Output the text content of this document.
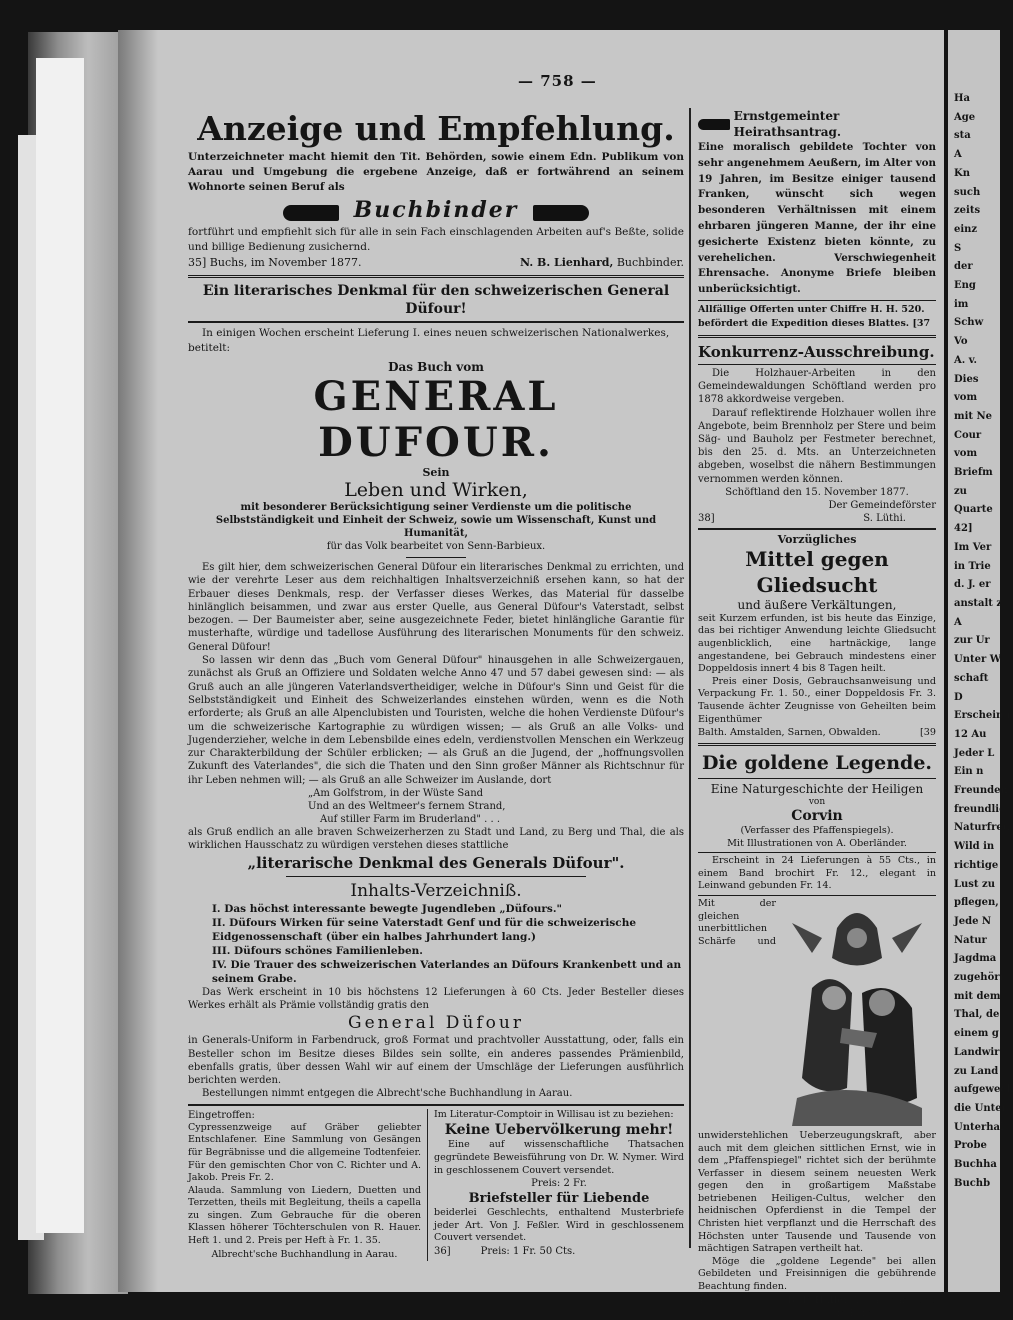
— 758 —
Anzeige und Empfehlung.

Unterzeichneter macht hiemit den Tit. Behörden, sowie einem Edn. Publikum von Aarau und Umgebung die ergebene Anzeige, daß er fortwährend an seinem Wohnorte seinen Beruf als

Buchbinder

fortführt und empfiehlt sich für alle in sein Fach einschlagenden Arbeiten auf's Beßte, solide und billige Bedienung zusichernd.

35] Buchs, im November 1877.	N. B. Lienhard, Buchbinder.
Ein literarisches Denkmal für den schweizerischen General Düfour!

In einigen Wochen erscheint Lieferung I. eines neuen schweizerischen Nationalwerkes, betitelt:

Das Buch vom
GENERAL DUFOUR.
Sein
Leben und Wirken,

mit besonderer Berücksichtigung seiner Verdienste um die politische Selbstständigkeit und Einheit der Schweiz, sowie um Wissenschaft, Kunst und Humanität,

für das Volk bearbeitet von Senn-Barbieux.

Es gilt hier, dem schweizerischen General Düfour ein literarisches Denkmal zu errichten, und wie der verehrte Leser aus dem reichhaltigen Inhaltsverzeichniß ersehen kann, so hat der Erbauer dieses Denkmals, resp. der Verfasser dieses Werkes, das Material für dasselbe hinlänglich beisammen, und zwar aus erster Quelle, aus General Düfour's Vaterstadt, selbst bezogen. — Der Baumeister aber, seine ausgezeichnete Feder, bietet hinlängliche Garantie für musterhafte, würdige und tadellose Ausführung des literarischen Monuments für den schweiz. General Düfour!

So lassen wir denn das „Buch vom General Düfour" hinausgehen in alle Schweizergauen, zunächst als Gruß an Offiziere und Soldaten welche Anno 47 und 57 dabei gewesen sind: — als Gruß auch an alle jüngeren Vaterlandsvertheidiger, welche in Düfour's Sinn und Geist für die Selbstständigkeit und Einheit des Schweizerlandes einstehen würden, wenn es die Noth erforderte; als Gruß an alle Alpenclubisten und Touristen, welche die hohen Verdienste Düfour's um die schweizerische Kartographie zu würdigen wissen; — als Gruß an alle Volks- und Jugenderzieher, welche in dem Lebensbilde eines edeln, verdienstvollen Menschen ein Werkzeug zur Charakterbildung der Schüler erblicken; — als Gruß an die Jugend, der „hoffnungsvollen Zukunft des Vaterlandes", die sich die Thaten und den Sinn großer Männer als Richtschnur für ihr Leben nehmen will; — als Gruß an alle Schweizer im Auslande, dort

„Am Golfstrom, in der Wüste Sand
Und an des Weltmeer's fernem Strand,
Auf stiller Farm im Bruderland" . . .

als Gruß endlich an alle braven Schweizerherzen zu Stadt und Land, zu Berg und Thal, die als wirklichen Hausschatz zu würdigen verstehen dieses stattliche

„literarische Denkmal des Generals Düfour".
Inhalts-Verzeichniß.
I. Das höchst interessante bewegte Jugendleben „Düfours."
II. Düfours Wirken für seine Vaterstadt Genf und für die schweizerische Eidgenossenschaft (über ein halbes Jahrhundert lang.)
III. Düfours schönes Familienleben.
IV. Die Trauer des schweizerischen Vaterlandes an Düfours Krankenbett und an seinem Grabe.

Das Werk erscheint in 10 bis höchstens 12 Lieferungen à 60 Cts. Jeder Besteller dieses Werkes erhält als Prämie vollständig gratis den

General Düfour

in Generals-Uniform in Farbendruck, groß Format und prachtvoller Ausstattung, oder, falls ein Besteller schon im Besitze dieses Bildes sein sollte, ein anderes passendes Prämienbild, ebenfalls gratis, über dessen Wahl wir auf einem der Umschläge der Lieferungen ausführlich berichten werden.

Bestellungen nimmt entgegen die Albrecht'sche Buchhandlung in Aarau.

Eingetroffen:

Cypressenzweige auf Gräber geliebter Entschlafener. Eine Sammlung von Gesängen für Begräbnisse und die allgemeine Todtenfeier. Für den gemischten Chor von C. Richter und A. Jakob. Preis Fr. 2.

Alauda. Sammlung von Liedern, Duetten und Terzetten, theils mit Begleitung, theils a capella zu singen. Zum Gebrauche für die oberen Klassen höherer Töchterschulen von R. Hauer. Heft 1. und 2. Preis per Heft à Fr. 1. 35.

Albrecht'sche Buchhandlung in Aarau.

Im Literatur-Comptoir in Willisau ist zu beziehen:

Keine Uebervölkerung mehr!

Eine auf wissenschaftliche Thatsachen gegründete Beweisführung von Dr. W. Nymer. Wird in geschlossenem Couvert versendet.

Preis: 2 Fr.
Briefsteller für Liebende

beiderlei Geschlechts, enthaltend Musterbriefe jeder Art. Von J. Feßler. Wird in geschlossenem Couvert versendet.

36]	Preis: 1 Fr. 50 Cts.
Ernstgemeinter Heirathsantrag.

Eine moralisch gebildete Tochter von sehr angenehmem Aeußern, im Alter von 19 Jahren, im Besitze einiger tausend Franken, wünscht sich wegen besonderen Verhältnissen mit einem ehrbaren jüngeren Manne, der ihr eine gesicherte Existenz bieten könnte, zu verehelichen. Verschwiegenheit Ehrensache. Anonyme Briefe bleiben unberücksichtigt.

Allfällige Offerten unter Chiffre H. H. 520. befördert die Expedition dieses Blattes. [37

Konkurrenz-Ausschreibung.

Die Holzhauer-Arbeiten in den Gemeindewaldungen Schöftland werden pro 1878 akkordweise vergeben.

Darauf reflektirende Holzhauer wollen ihre Angebote, beim Brennholz per Stere und beim Säg- und Bauholz per Festmeter berechnet, bis den 25. d. Mts. an Unterzeichneten abgeben, woselbst die nähern Bestimmungen vernommen werden können.

Schöftland den 15. November 1877.
Der Gemeindeförster
38]	S. Lüthi.
Vorzügliches
Mittel gegen Gliedsucht
und äußere Verkältungen,

seit Kurzem erfunden, ist bis heute das Einzige, das bei richtiger Anwendung leichte Gliedsucht augenblicklich, eine hartnäckige, lange angestandene, bei Gebrauch mindestens einer Doppeldosis innert 4 bis 8 Tagen heilt.

Preis einer Dosis, Gebrauchsanweisung und Verpackung Fr. 1. 50., einer Doppeldosis Fr. 3. Tausende ächter Zeugnisse von Geheilten beim Eigenthümer

Balth. Amstalden, Sarnen, Obwalden.	[39
Die goldene Legende.
Eine Naturgeschichte der Heiligen
von
Corvin
(Verfasser des Pfaffenspiegels).
Mit Illustrationen von A. Oberländer.

Erscheint in 24 Lieferungen à 55 Cts., in einem Band brochirt Fr. 12., elegant in Leinwand gebunden Fr. 14.

Mit der gleichen unerbittlichen Schärfe und unwiderstehlichen Ueberzeugungskraft, aber auch mit dem gleichen sittlichen Ernst, wie in dem „Pfaffenspiegel" richtet sich der berühmte Verfasser in diesem seinem neuesten Werk gegen den in großartigem Maßstabe betriebenen Heiligen-Cultus, welcher den heidnischen Opferdienst in die Tempel der Christen hiet verpflanzt und die Herrschaft des Höchsten unter Tausende und Tausende von mächtigen Satrapen vertheilt hat.

Möge die „goldene Legende" bei allen Gebildeten und Freisinnigen die gebührende Beachtung finden.

40]	B. F. Haller, Verlagshandlung
in Bern.
Ha
Age
sta
A
Kn
such
zeits
einz
S
der
Eng
im
Schw
Vo
A. v.
Dies
vom
mit Ne
Cour
vom
Briefm
zu
Quarte
42]
Im Ver
in Trie
d. J. er
anstalt z
A
zur Ur
Unter W
schaft
D
Erscheinu
12 Au
Jeder L
Ein n
Freunden
freundlic
Naturfreu
Wild in
richtige
Lust zu
pflegen,
Jede N
Natur
Jagdma
zugehöri
mit dem
Thal, de
einem g
Landwir
zu Land
aufgeweck
die Unter
Unterhal
Probe
Buchha
Buchb
